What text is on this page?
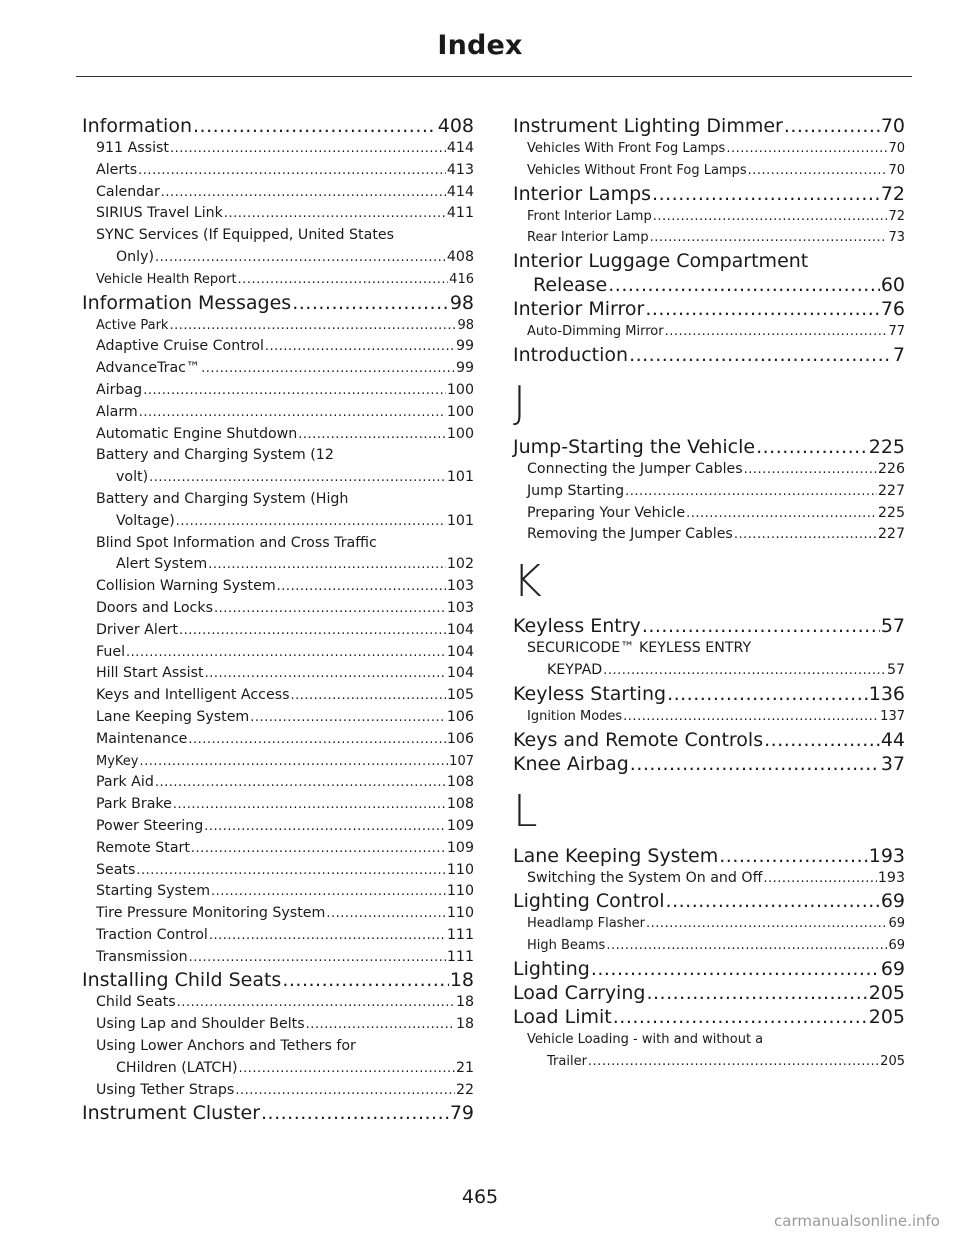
Index
Information .....	408
911 Assist .....	414
Alerts .....	413
Calendar .....	414
SIRIUS Travel Link .....	411
SYNC Services (If Equipped, United States
Only) .....	408
Vehicle Health Report .....	416
Information Messages .....	98
Active Park .....	98
Adaptive Cruise Control .....	99
AdvanceTrac™ .....	99
Airbag .....	100
Alarm .....	100
Automatic Engine Shutdown .....	100
Battery and Charging System (12
volt) .....	101
Battery and Charging System (High
Voltage) .....	101
Blind Spot Information and Cross Traffic
Alert System .....	102
Collision Warning System .....	103
Doors and Locks .....	103
Driver Alert .....	104
Fuel .....	104
Hill Start Assist .....	104
Keys and Intelligent Access .....	105
Lane Keeping System .....	106
Maintenance .....	106
MyKey .....	107
Park Aid .....	108
Park Brake .....	108
Power Steering .....	109
Remote Start .....	109
Seats .....	110
Starting System .....	110
Tire Pressure Monitoring System .....	110
Traction Control .....	111
Transmission .....	111
Installing Child Seats .....	18
Child Seats .....	18
Using Lap and Shoulder Belts .....	18
Using Lower Anchors and Tethers for
CHildren (LATCH) .....	21
Using Tether Straps .....	22
Instrument Cluster .....	79
Instrument Lighting Dimmer .....	70
Vehicles With Front Fog Lamps .....	70
Vehicles Without Front Fog Lamps .....	70
Interior Lamps .....	72
Front Interior Lamp .....	72
Rear Interior Lamp .....	73
Interior Luggage Compartment
Release .....	60
Interior Mirror .....	76
Auto-Dimming Mirror .....	77
Introduction .....	7
J
Jump-Starting the Vehicle .....	225
Connecting the Jumper Cables .....	226
Jump Starting .....	227
Preparing Your Vehicle .....	225
Removing the Jumper Cables .....	227
K
Keyless Entry .....	57
SECURICODE™ KEYLESS ENTRY
KEYPAD .....	57
Keyless Starting .....	136
Ignition Modes .....	137
Keys and Remote Controls .....	44
Knee Airbag .....	37
L
Lane Keeping System .....	193
Switching the System On and Off .....	193
Lighting Control .....	69
Headlamp Flasher .....	69
High Beams .....	69
Lighting .....	69
Load Carrying .....	205
Load Limit .....	205
Vehicle Loading - with and without a
Trailer .....	205
465
carmanualsonline.info
